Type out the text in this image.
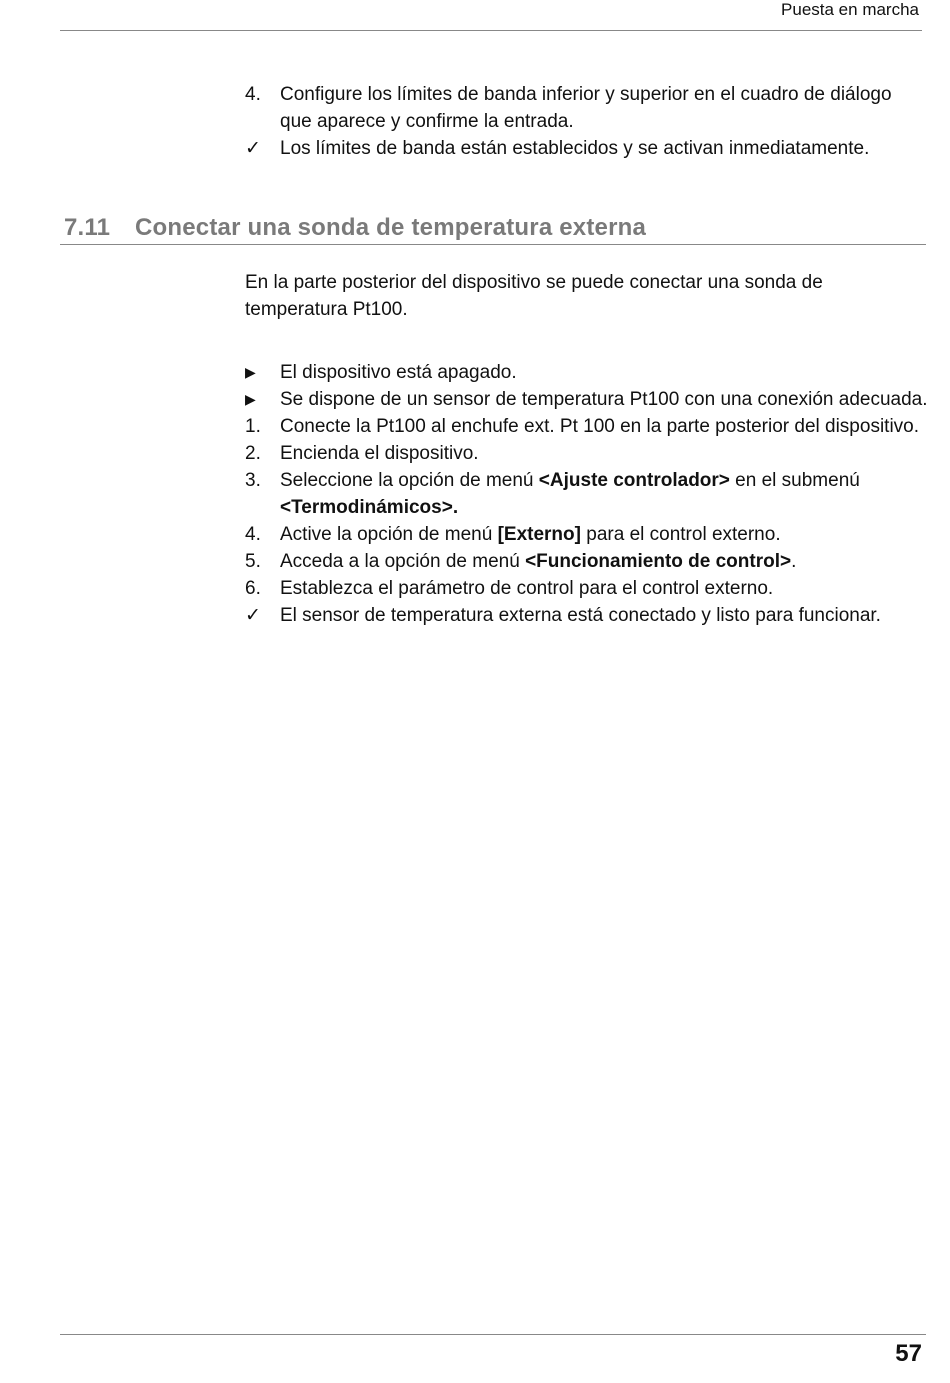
Puesta en marcha
4.	Configure los límites de banda inferior y superior en el cuadro de diálogo
que aparece y confirme la entrada.
✓	Los límites de banda están establecidos y se activan inmediatamente.
7.11 Conectar una sonda de temperatura externa

En la parte posterior del dispositivo se puede conectar una sonda de
temperatura Pt100.

▶	El dispositivo está apagado.
▶	Se dispone de un sensor de temperatura Pt100 con una conexión adecuada.
1.	Conecte la Pt100 al enchufe ext. Pt 100 en la parte posterior del dispositivo.
2.	Encienda el dispositivo.
3.	Seleccione la opción de menú <Ajuste controlador> en el submenú
<Termodinámicos>.
4.	Active la opción de menú [Externo] para el control externo.
5.	Acceda a la opción de menú <Funcionamiento de control>.
6.	Establezca el parámetro de control para el control externo.
✓	El sensor de temperatura externa está conectado y listo para funcionar.
57
